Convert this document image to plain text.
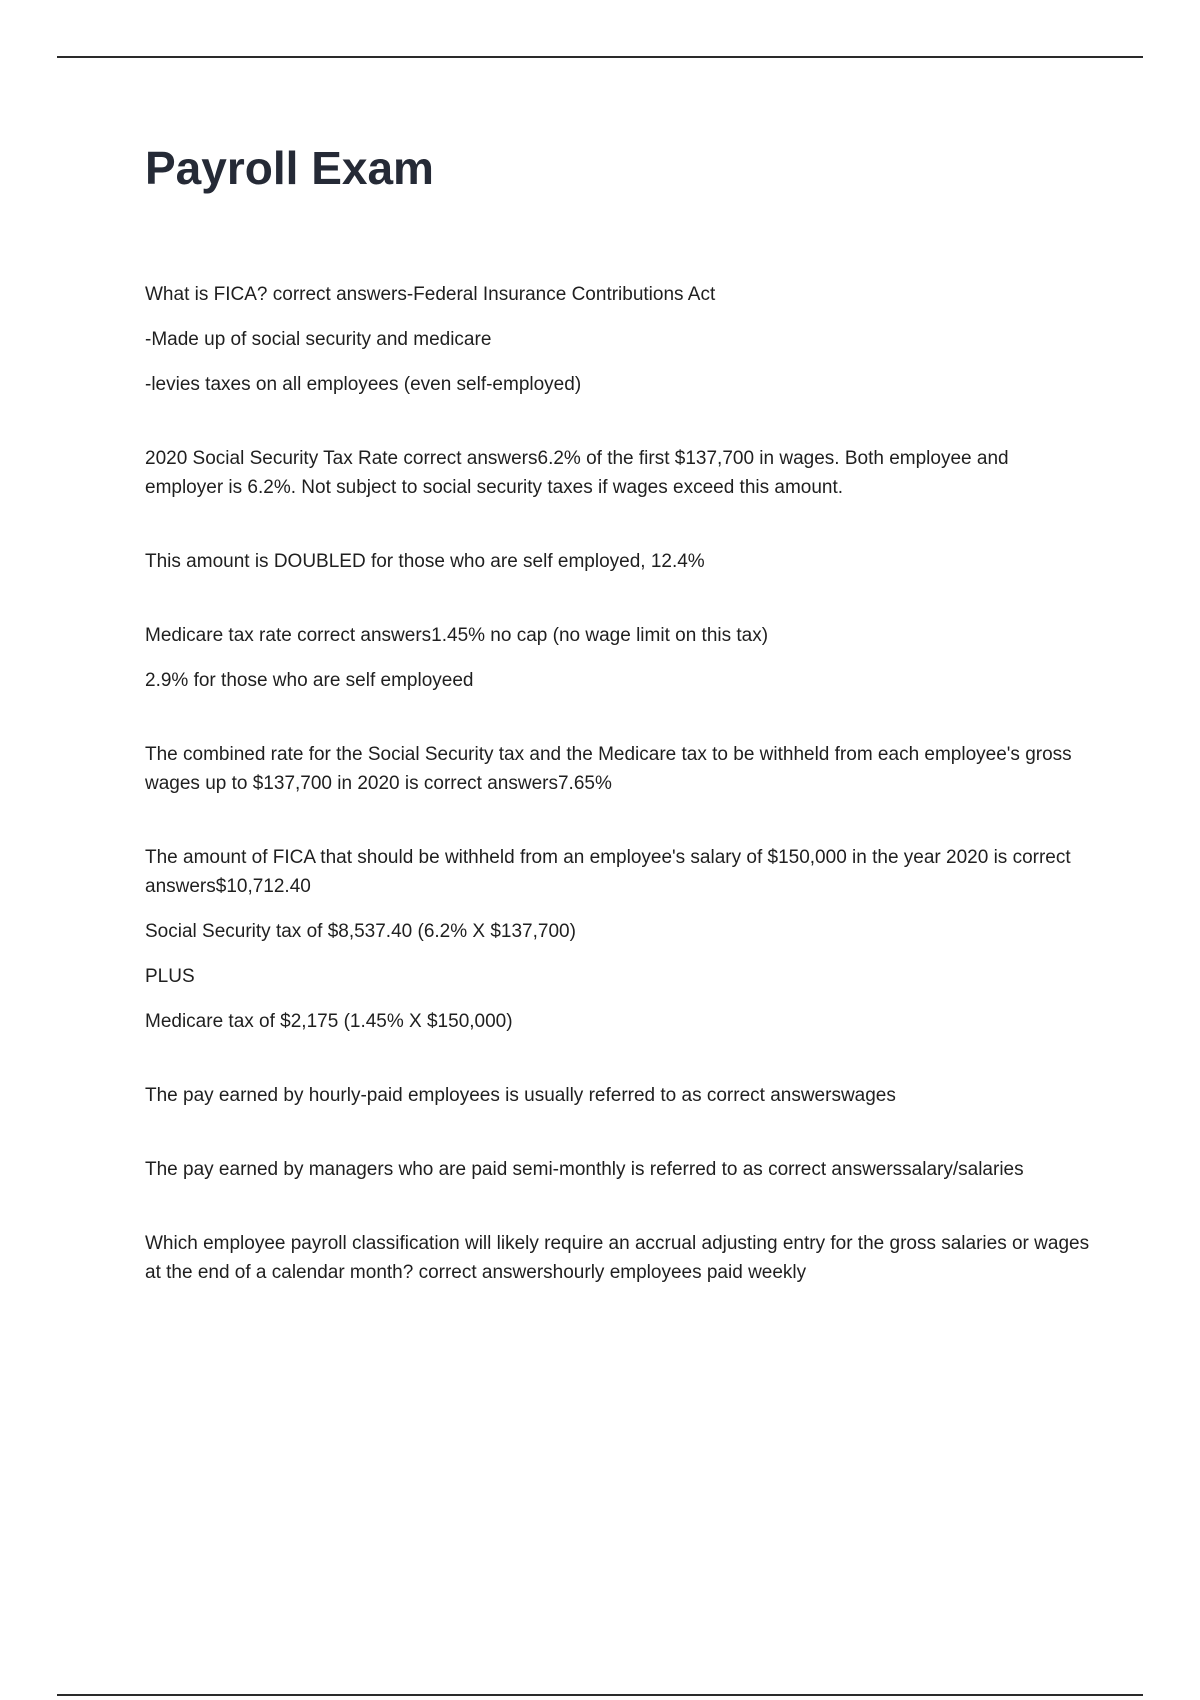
Payroll Exam

What is FICA? correct answers-Federal Insurance Contributions Act

-Made up of social security and medicare

-levies taxes on all employees (even self-employed)

2020 Social Security Tax Rate correct answers6.2% of the first $137,700 in wages. Both employee and employer is 6.2%. Not subject to social security taxes if wages exceed this amount.

This amount is DOUBLED for those who are self employed, 12.4%

Medicare tax rate correct answers1.45% no cap (no wage limit on this tax)

2.9% for those who are self employeed

The combined rate for the Social Security tax and the Medicare tax to be withheld from each employee's gross wages up to $137,700 in 2020 is correct answers7.65%

The amount of FICA that should be withheld from an employee's salary of $150,000 in the year 2020 is correct answers$10,712.40

Social Security tax of $8,537.40 (6.2% X $137,700)

PLUS

Medicare tax of $2,175 (1.45% X $150,000)

The pay earned by hourly-paid employees is usually referred to as correct answerswages

The pay earned by managers who are paid semi-monthly is referred to as correct answerssalary/salaries

Which employee payroll classification will likely require an accrual adjusting entry for the gross salaries or wages at the end of a calendar month? correct answershourly employees paid weekly
